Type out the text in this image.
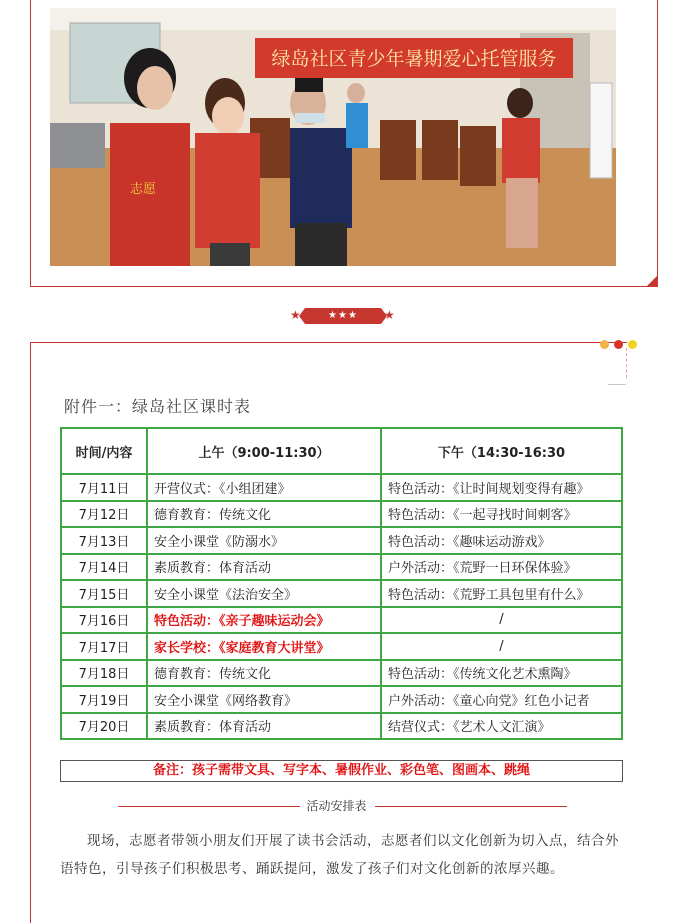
绿岛社区青少年暑期爱心托管服务
志愿
★	★★★	★
附件一：绿岛社区课时表
时间/内容	上午（9:00-11:30）	下午（14:30-16:30
7月11日	开营仪式：《小组团建》	特色活动：《让时间规划变得有趣》
7月12日	德育教育：传统文化	特色活动：《一起寻找时间刺客》
7月13日	安全小课堂《防溺水》	特色活动：《趣味运动游戏》
7月14日	素质教育：体育活动	户外活动：《荒野一日环保体验》
7月15日	安全小课堂《法治安全》	特色活动：《荒野工具包里有什么》
7月16日	特色活动：《亲子趣味运动会》	/
7月17日	家长学校：《家庭教育大讲堂》	/
7月18日	德育教育：传统文化	特色活动：《传统文化艺术熏陶》
7月19日	安全小课堂《网络教育》	户外活动：《童心向党》红色小记者
7月20日	素质教育：体育活动	结营仪式：《艺术人文汇演》
备注：孩子需带文具、写字本、暑假作业、彩色笔、图画本、跳绳
活动安排表
现场，志愿者带领小朋友们开展了读书会活动，志愿者们以文化创新为切入点，结合外语特色，引导孩子们积极思考、踊跃提问，激发了孩子们对文化创新的浓厚兴趣。
